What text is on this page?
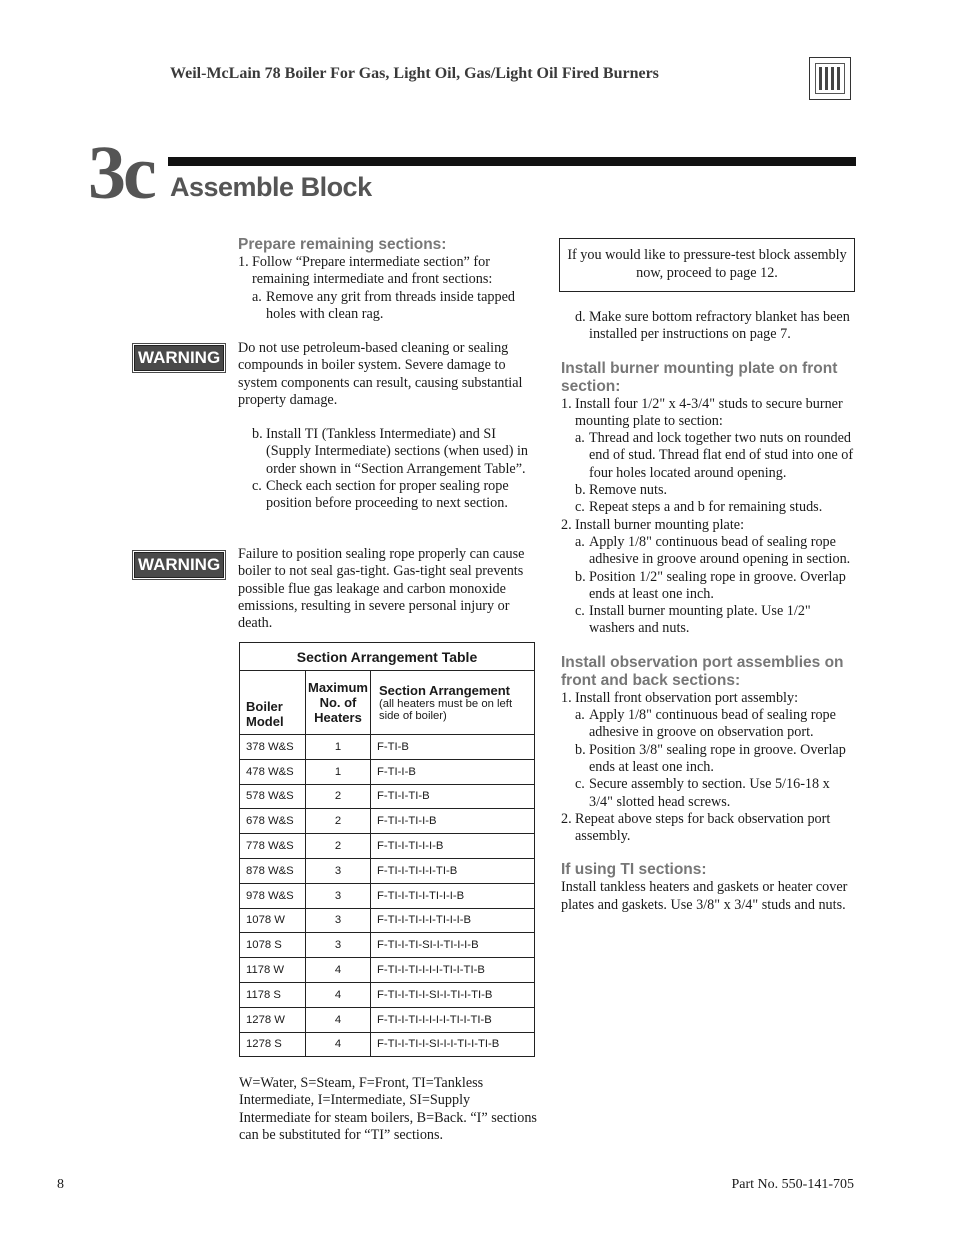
Weil-McLain 78 Boiler For Gas, Light Oil, Gas/Light Oil Fired Burners
3c Assemble Block
Prepare remaining sections:
1. Follow “Prepare intermediate section” for remaining intermediate and front sections:
a. Remove any grit from threads inside tapped holes with clean rag.
WARNING Do not use petroleum-based cleaning or sealing compounds in boiler system. Severe damage to system components can result, causing substantial property damage.
b. Install TI (Tankless Intermediate) and SI (Supply Intermediate) sections (when used) in order shown in “Section Arrangement Table”.
c. Check each section for proper sealing rope position before proceeding to next section.
WARNING
Failure to position sealing rope properly can cause boiler to not seal gas-tight. Gas-tight seal prevents possible flue gas leakage and carbon monoxide emissions, resulting in severe personal injury or death.
Section Arrangement Table		
Boiler Model	Maximum No. of Heaters	Section Arrangement
(all heaters must be on left side of boiler)

378 W&S	1	F-TI-B
478 W&S	1	F-TI-I-B
578 W&S	2	F-TI-I-TI-B
678 W&S	2	F-TI-I-TI-I-B
778 W&S	2	F-TI-I-TI-I-I-B
878 W&S	3	F-TI-I-TI-I-I-TI-B
978 W&S	3	F-TI-I-TI-I-TI-I-I-B
1078 W	3	F-TI-I-TI-I-I-TI-I-I-B
1078 S	3	F-TI-I-TI-SI-I-TI-I-I-B
1178 W	4	F-TI-I-TI-I-I-I-TI-I-TI-B
1178 S	4	F-TI-I-TI-I-SI-I-TI-I-TI-B
1278 W	4	F-TI-I-TI-I-I-I-I-TI-I-TI-B
1278 S	4	F-TI-I-TI-I-SI-I-I-TI-I-TI-B
W=Water, S=Steam, F=Front, TI=Tankless Intermediate, I=Intermediate, SI=Supply Intermediate for steam boilers, B=Back. “I” sections can be substituted for “TI” sections.
If you would like to pressure-test block assembly now, proceed to page 12.
d. Make sure bottom refractory blanket has been installed per instructions on page 7.
Install burner mounting plate on front section:
1. Install four 1/2" x 4-3/4" studs to secure burner mounting plate to section:
a. Thread and lock together two nuts on rounded end of stud. Thread flat end of stud into one of four holes located around opening.
b. Remove nuts.
c. Repeat steps a and b for remaining studs.
2. Install burner mounting plate:
a. Apply 1/8" continuous bead of sealing rope adhesive in groove around opening in section.
b. Position 1/2" sealing rope in groove. Overlap ends at least one inch.
c. Install burner mounting plate. Use 1/2" washers and nuts.
Install observation port assemblies on front and back sections:
1. Install front observation port assembly:
a. Apply 1/8" continuous bead of sealing rope adhesive in groove on observation port.
b. Position 3/8" sealing rope in groove. Overlap ends at least one inch.
c. Secure assembly to section. Use 5/16-18 x 3/4" slotted head screws.
2. Repeat above steps for back observation port assembly.
If using TI sections:
Install tankless heaters and gaskets or heater cover plates and gaskets. Use 3/8" x 3/4" studs and nuts.
8	Part No. 550-141-705
